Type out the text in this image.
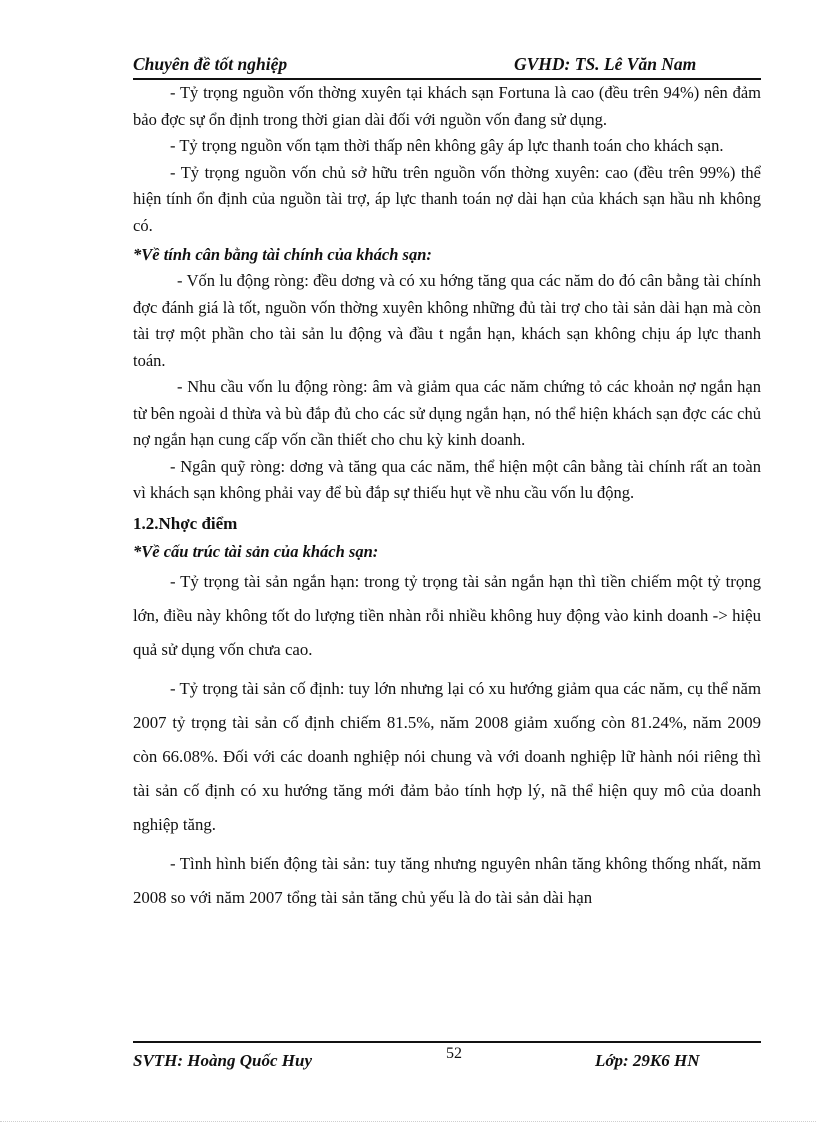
Chuyên đề tốt nghiệp	GVHD: TS. Lê Văn Nam

- Tỷ trọng nguồn vốn thờng xuyên tại khách sạn Fortuna là cao (đều trên 94%) nên đảm bảo đợc sự ổn định trong thời gian dài đối với nguồn vốn đang sử dụng.

- Tỷ trọng nguồn vốn tạm thời thấp nên không gây áp lực thanh toán cho khách sạn.

- Tỷ trọng nguồn vốn chủ sở hữu trên nguồn vốn thờng xuyên: cao (đều trên 99%) thể hiện tính ổn định của nguồn tài trợ, áp lực thanh toán nợ dài hạn của khách sạn hầu nh không có.

*Về tính cân bằng tài chính của khách sạn:

- Vốn lu động ròng: đều dơng và có xu hớng tăng qua các năm do đó cân bằng tài chính đợc đánh giá là tốt, nguồn vốn thờng xuyên không những đủ tài trợ cho tài sản dài hạn mà còn tài trợ một phần cho tài sản lu động và đầu t ngắn hạn, khách sạn không chịu áp lực thanh toán.

- Nhu cầu vốn lu động ròng: âm và giảm qua các năm chứng tỏ các khoản nợ ngắn hạn từ bên ngoài d thừa và bù đắp đủ cho các sử dụng ngắn hạn, nó thể hiện khách sạn đợc các chủ nợ ngắn hạn cung cấp vốn cần thiết cho chu kỳ kinh doanh.

- Ngân quỹ ròng: dơng và tăng qua các năm, thể hiện một cân bằng tài chính rất an toàn vì khách sạn không phải vay để bù đắp sự thiếu hụt về nhu cầu vốn lu động.

1.2.Nhợc điểm

*Về cấu trúc tài sản của khách sạn:

- Tỷ trọng tài sản ngắn hạn: trong tỷ trọng tài sản ngắn hạn thì tiền chiếm một tỷ trọng lớn, điều này không tốt do lượng tiền nhàn rỗi nhiều không huy động vào kinh doanh -> hiệu quả sử dụng vốn chưa cao.

- Tỷ trọng tài sản cố định: tuy lớn nhưng lại có xu hướng giảm qua các năm, cụ thể năm 2007 tỷ trọng tài sản cố định chiếm 81.5%, năm 2008 giảm xuống còn 81.24%, năm 2009 còn 66.08%. Đối với các doanh nghiệp nói chung và với doanh nghiệp lữ hành nói riêng thì tài sản cố định có xu hướng tăng mới đảm bảo tính hợp lý, nã thể hiện quy mô của doanh nghiệp tăng.

- Tình hình biến động tài sản: tuy tăng nhưng nguyên nhân tăng không thống nhất, năm 2008 so với năm 2007 tổng tài sản tăng chủ yếu là do tài sản dài hạn

SVTH: Hoàng Quốc Huy	52	Lớp: 29K6 HN
